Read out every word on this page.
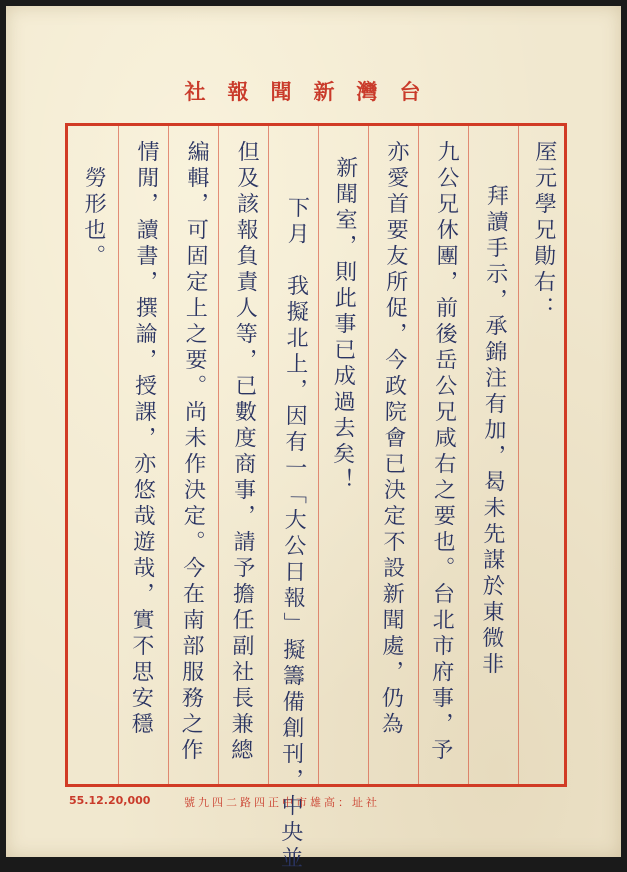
台灣新聞報社
厔元學兄勛右：
拜讀手示，承錦注有加，曷未先謀於東微非
九公兄休團，前後岳公兄咸右之要也。台北市府事，予
亦愛首要友所促，今政院會已決定不設新聞處，仍為
新聞室，則此事已成過去矣！
下月　我擬北上，因有一「大公日報」擬籌備創刊，中央並
但及該報負責人等，已數度商事，請予擔任副社長兼總
編輯，可固定上之要。尚未作決定。今在南部服務之作
情閒，讀書，撰論，授課，亦悠哉遊哉，實不思安穩
勞形也。
55.12.20,000	社址：高雄市中正四路二四九號
